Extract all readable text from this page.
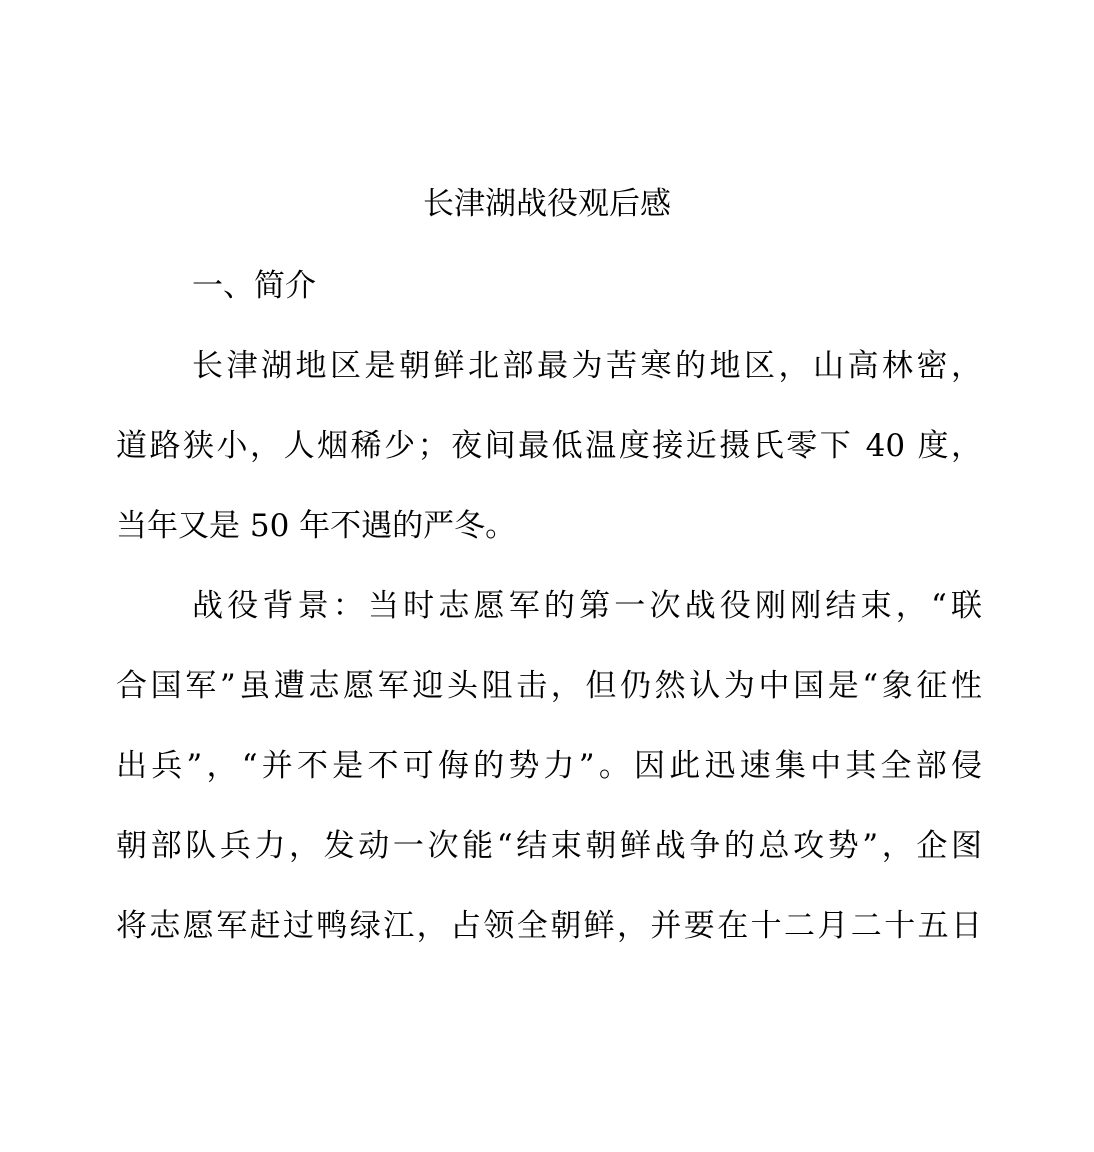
长津湖战役观后感
一、简介
长津湖地区是朝鲜北部最为苦寒的地区，山高林密，
道路狭小，人烟稀少；夜间最低温度接近摄氏零下 40 度，
当年又是 50 年不遇的严冬。
战役背景：当时志愿军的第一次战役刚刚结束，“联
合国军”虽遭志愿军迎头阻击，但仍然认为中国是“象征性
出兵”，“并不是不可侮的势力”。因此迅速集中其全部侵
朝部队兵力，发动一次能“结束朝鲜战争的总攻势”，企图
将志愿军赶过鸭绿江，占领全朝鲜，并要在十二月二十五日
